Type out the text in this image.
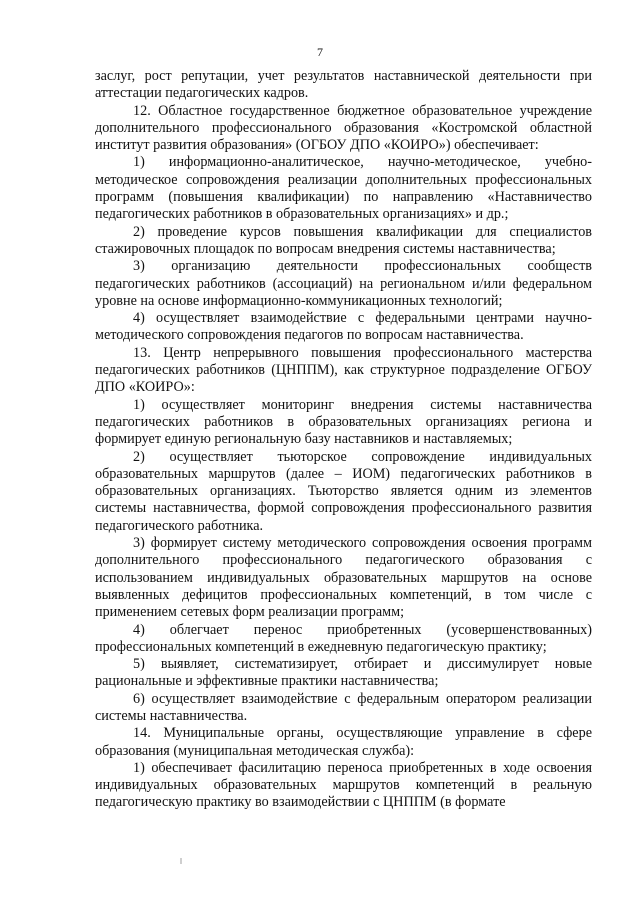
7

заслуг, рост репутации, учет результатов наставнической деятельности при аттестации педагогических кадров.

12. Областное государственное бюджетное образовательное учреждение дополнительного профессионального образования «Костромской областной институт развития образования» (ОГБОУ ДПО «КОИРО») обеспечивает:

1) информационно-аналитическое, научно-методическое, учебно-методическое сопровождения реализации дополнительных профессиональных программ (повышения квалификации) по направлению «Наставничество педагогических работников в образовательных организациях» и др.;

2) проведение курсов повышения квалификации для специалистов стажировочных площадок по вопросам внедрения системы наставничества;

3) организацию деятельности профессиональных сообществ педагогических работников (ассоциаций) на региональном и/или федеральном уровне на основе информационно-коммуникационных технологий;

4) осуществляет взаимодействие с федеральными центрами научно-методического сопровождения педагогов по вопросам наставничества.

13. Центр непрерывного повышения профессионального мастерства педагогических работников (ЦНППМ), как структурное подразделение ОГБОУ ДПО «КОИРО»:

1) осуществляет мониторинг внедрения системы наставничества педагогических работников в образовательных организациях региона и формирует единую региональную базу наставников и наставляемых;

2) осуществляет тьюторское сопровождение индивидуальных образовательных маршрутов (далее – ИОМ) педагогических работников в образовательных организациях. Тьюторство является одним из элементов системы наставничества, формой сопровождения профессионального развития педагогического работника.

3) формирует систему методического сопровождения освоения программ дополнительного профессионального педагогического образования с использованием индивидуальных образовательных маршрутов на основе выявленных дефицитов профессиональных компетенций, в том числе с применением сетевых форм реализации программ;

4) облегчает перенос приобретенных (усовершенствованных) профессиональных компетенций в ежедневную педагогическую практику;

5) выявляет, систематизирует, отбирает и диссимулирует новые рациональные и эффективные практики наставничества;

6) осуществляет взаимодействие с федеральным оператором реализации системы наставничества.

14. Муниципальные органы, осуществляющие управление в сфере образования (муниципальная методическая служба):

1) обеспечивает фасилитацию переноса приобретенных в ходе освоения индивидуальных образовательных маршрутов компетенций в реальную педагогическую практику во взаимодействии с ЦНППМ (в формате
